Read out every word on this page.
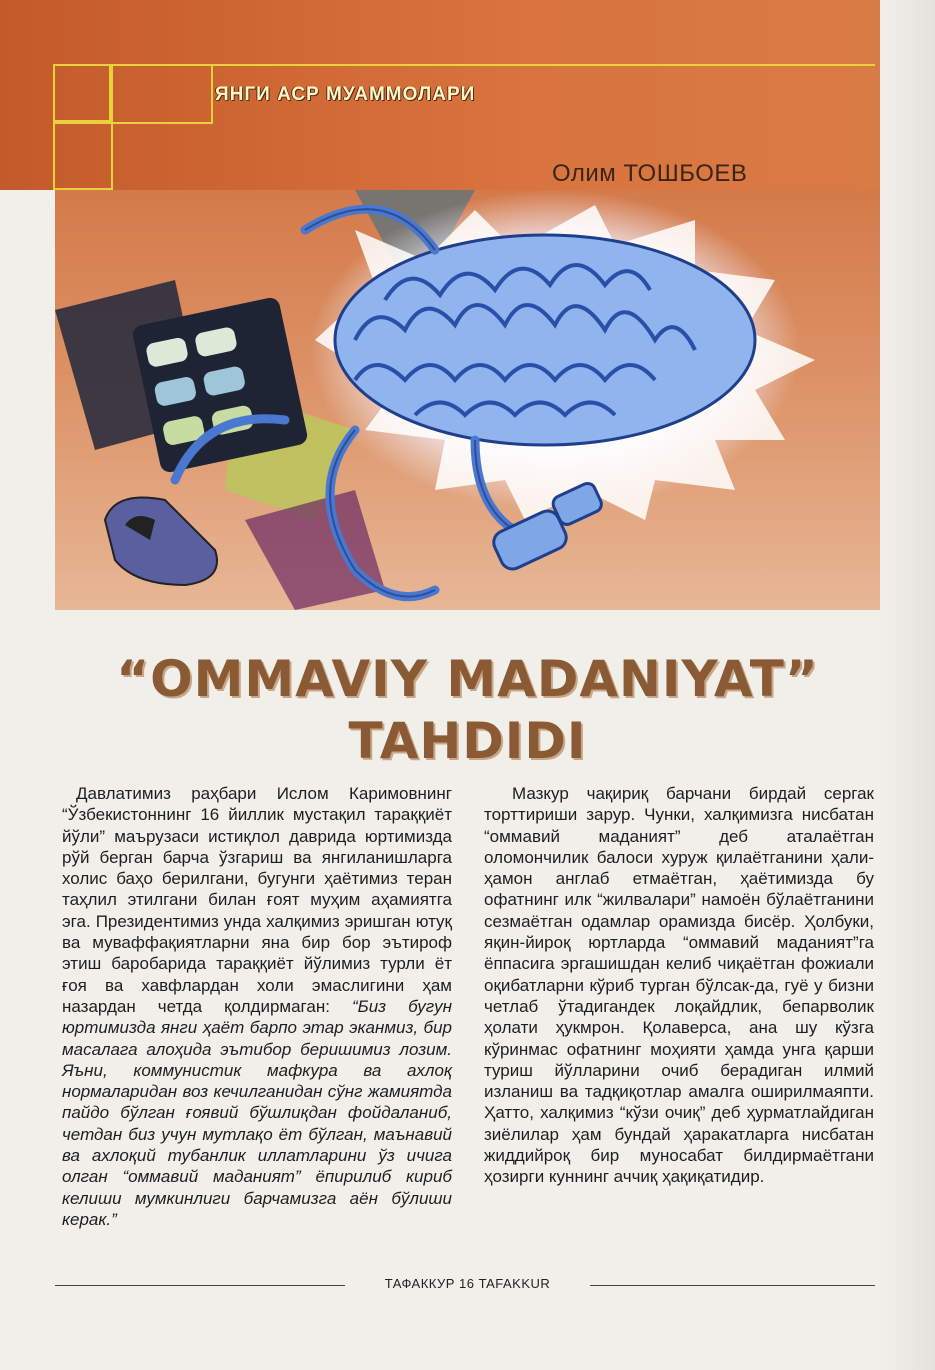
ЯНГИ АСР МУАММОЛАРИ
Олим ТОШБОЕВ
“OMMAVIY MADANIYAT”
TAHDIDI
Давлатимиз раҳбари Ислом Каримовнинг “Ўзбекистоннинг 16 йиллик мустақил тараққиёт йўли” маърузаси истиқлол даврида юртимизда рўй берган барча ўзгариш ва янгиланишларга холис баҳо берилгани, бугунги ҳаётимиз теран таҳлил этилгани билан ғоят муҳим аҳамиятга эга. Президентимиз унда халқимиз эришган ютуқ ва муваффақиятларни яна бир бор эътироф этиш баробарида тараққиёт йўлимиз турли ёт ғоя ва хавфлардан холи эмаслигини ҳам назардан четда қолдирмаган: “Биз бугун юртимизда янги ҳаёт барпо этар эканмиз, бир масалага алоҳида эътибор беришимиз лозим. Яъни, коммунистик мафкура ва ахлоқ нормаларидан воз кечилганидан сўнг жамиятда пайдо бўлган ғоявий бўшлиқдан фойдаланиб, четдан биз учун мутлақо ёт бўлган, маънавий ва ахлоқий тубанлик иллатларини ўз ичига олган “оммавий маданият” ёпирилиб кириб келиши мумкинлиги барчамизга аён бўлиши керак.”
Мазкур чақириқ барчани бирдай сергак торттириши зарур. Чунки, халқимизга нисбатан “оммавий маданият” деб аталаётган оломончилик балоси хуруж қилаётганини ҳали-ҳамон англаб етмаётган, ҳаётимизда бу офатнинг илк “жилвалари” намоён бўлаётганини сезмаётган одамлар орамизда бисёр. Ҳолбуки, яқин-йироқ юртларда “оммавий маданият”га ёппасига эргашишдан келиб чиқаётган фожиали оқибатларни кўриб турган бўлсак-да, гуё у бизни четлаб ўтадигандек лоқайдлик, бепарволик ҳолати ҳукмрон. Қолаверса, ана шу кўзга кўринмас офатнинг моҳияти ҳамда унга қарши туриш йўлларини очиб берадиган илмий изланиш ва тадқиқотлар амалга оширилмаяпти. Ҳатто, халқимиз “кўзи очиқ” деб ҳурматлайдиган зиёлилар ҳам бундай ҳаракатларга нисбатан жиддийроқ бир муносабат билдирмаётгани ҳозирги куннинг аччиқ ҳақиқатидир.
ТАФАККУР 16 TAFAKKUR
